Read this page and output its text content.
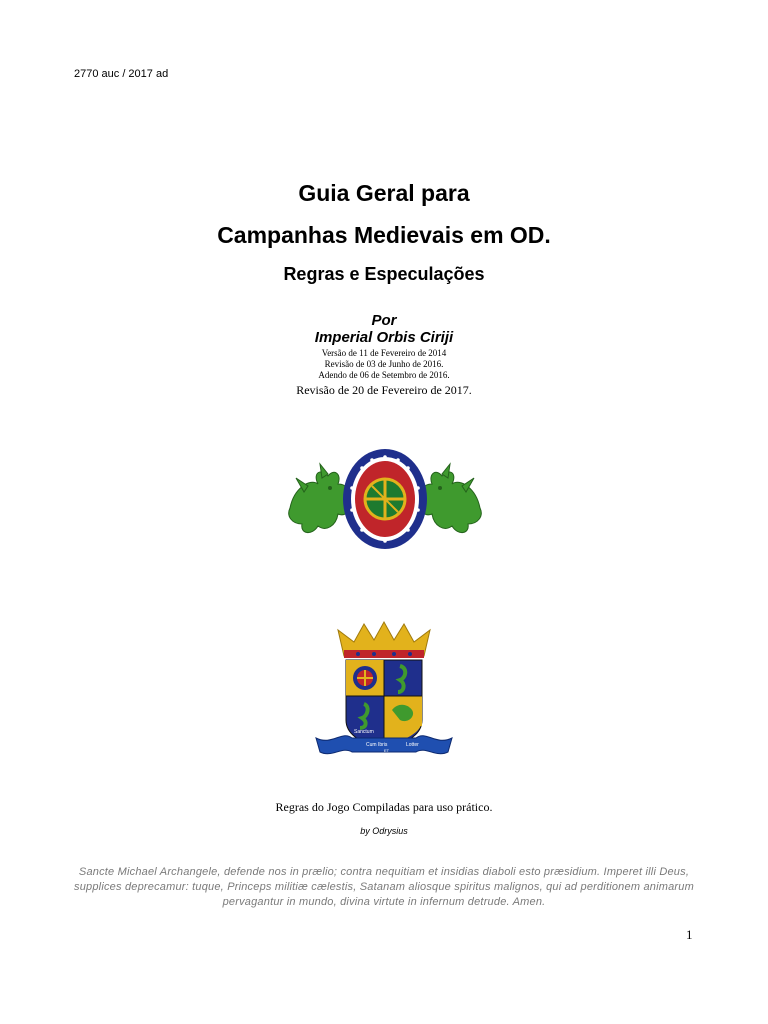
2770 auc / 2017 ad
Guia Geral para
Campanhas Medievais em OD.
Regras e Especulações
Por
Imperial Orbis Ciriji
Versão de 11 de Fevereiro de 2014
Revisão de 03 de Junho de 2016.
Adendo de 06 de Setembro de 2016.
Revisão de 20 de Fevereiro de 2017.
Sanctum
Cum Ibris
ET
Lotter
Regras do Jogo Compiladas para uso prático.
by Odrysius
Sancte Michael Archangele, defende nos in prælio; contra nequitiam et insidias diaboli esto præsidium. Imperet illi Deus, supplices deprecamur: tuque, Princeps militiæ cælestis, Satanam aliosque spiritus malignos, qui ad perditionem animarum pervagantur in mundo, divina virtute in infernum detrude. Amen.
1
